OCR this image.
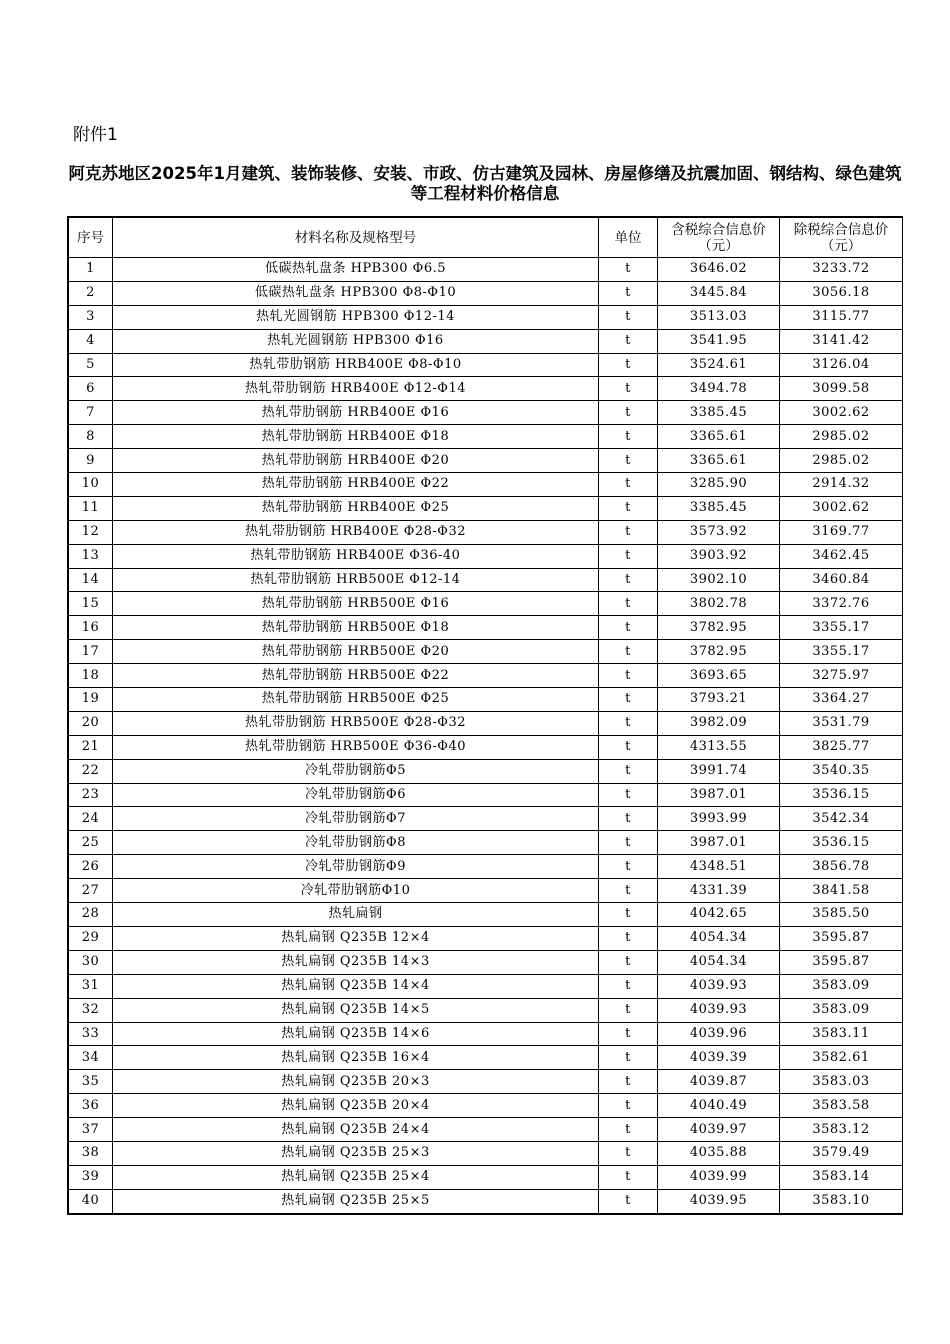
附件1
阿克苏地区2025年1月建筑、装饰装修、安装、市政、仿古建筑及园林、房屋修缮及抗震加固、钢结构、绿色建筑等工程材料价格信息
序号	材料名称及规格型号	单位	含税综合信息价（元）	除税综合信息价（元）
1	低碳热轧盘条 HPB300 Φ6.5	t	3646.02	3233.72
2	低碳热轧盘条 HPB300 Φ8-Φ10	t	3445.84	3056.18
3	热轧光圆钢筋 HPB300 Φ12-14	t	3513.03	3115.77
4	热轧光圆钢筋 HPB300 Φ16	t	3541.95	3141.42
5	热轧带肋钢筋 HRB400E Φ8-Φ10	t	3524.61	3126.04
6	热轧带肋钢筋 HRB400E Φ12-Φ14	t	3494.78	3099.58
7	热轧带肋钢筋 HRB400E Φ16	t	3385.45	3002.62
8	热轧带肋钢筋 HRB400E Φ18	t	3365.61	2985.02
9	热轧带肋钢筋 HRB400E Φ20	t	3365.61	2985.02
10	热轧带肋钢筋 HRB400E Φ22	t	3285.90	2914.32
11	热轧带肋钢筋 HRB400E Φ25	t	3385.45	3002.62
12	热轧带肋钢筋 HRB400E Φ28-Φ32	t	3573.92	3169.77
13	热轧带肋钢筋 HRB400E Φ36-40	t	3903.92	3462.45
14	热轧带肋钢筋 HRB500E Φ12-14	t	3902.10	3460.84
15	热轧带肋钢筋 HRB500E Φ16	t	3802.78	3372.76
16	热轧带肋钢筋 HRB500E Φ18	t	3782.95	3355.17
17	热轧带肋钢筋 HRB500E Φ20	t	3782.95	3355.17
18	热轧带肋钢筋 HRB500E Φ22	t	3693.65	3275.97
19	热轧带肋钢筋 HRB500E Φ25	t	3793.21	3364.27
20	热轧带肋钢筋 HRB500E Φ28-Φ32	t	3982.09	3531.79
21	热轧带肋钢筋 HRB500E Φ36-Φ40	t	4313.55	3825.77
22	冷轧带肋钢筋Φ5	t	3991.74	3540.35
23	冷轧带肋钢筋Φ6	t	3987.01	3536.15
24	冷轧带肋钢筋Φ7	t	3993.99	3542.34
25	冷轧带肋钢筋Φ8	t	3987.01	3536.15
26	冷轧带肋钢筋Φ9	t	4348.51	3856.78
27	冷轧带肋钢筋Φ10	t	4331.39	3841.58
28	热轧扁钢	t	4042.65	3585.50
29	热轧扁钢 Q235B 12×4	t	4054.34	3595.87
30	热轧扁钢 Q235B 14×3	t	4054.34	3595.87
31	热轧扁钢 Q235B 14×4	t	4039.93	3583.09
32	热轧扁钢 Q235B 14×5	t	4039.93	3583.09
33	热轧扁钢 Q235B 14×6	t	4039.96	3583.11
34	热轧扁钢 Q235B 16×4	t	4039.39	3582.61
35	热轧扁钢 Q235B 20×3	t	4039.87	3583.03
36	热轧扁钢 Q235B 20×4	t	4040.49	3583.58
37	热轧扁钢 Q235B 24×4	t	4039.97	3583.12
38	热轧扁钢 Q235B 25×3	t	4035.88	3579.49
39	热轧扁钢 Q235B 25×4	t	4039.99	3583.14
40	热轧扁钢 Q235B 25×5	t	4039.95	3583.10
